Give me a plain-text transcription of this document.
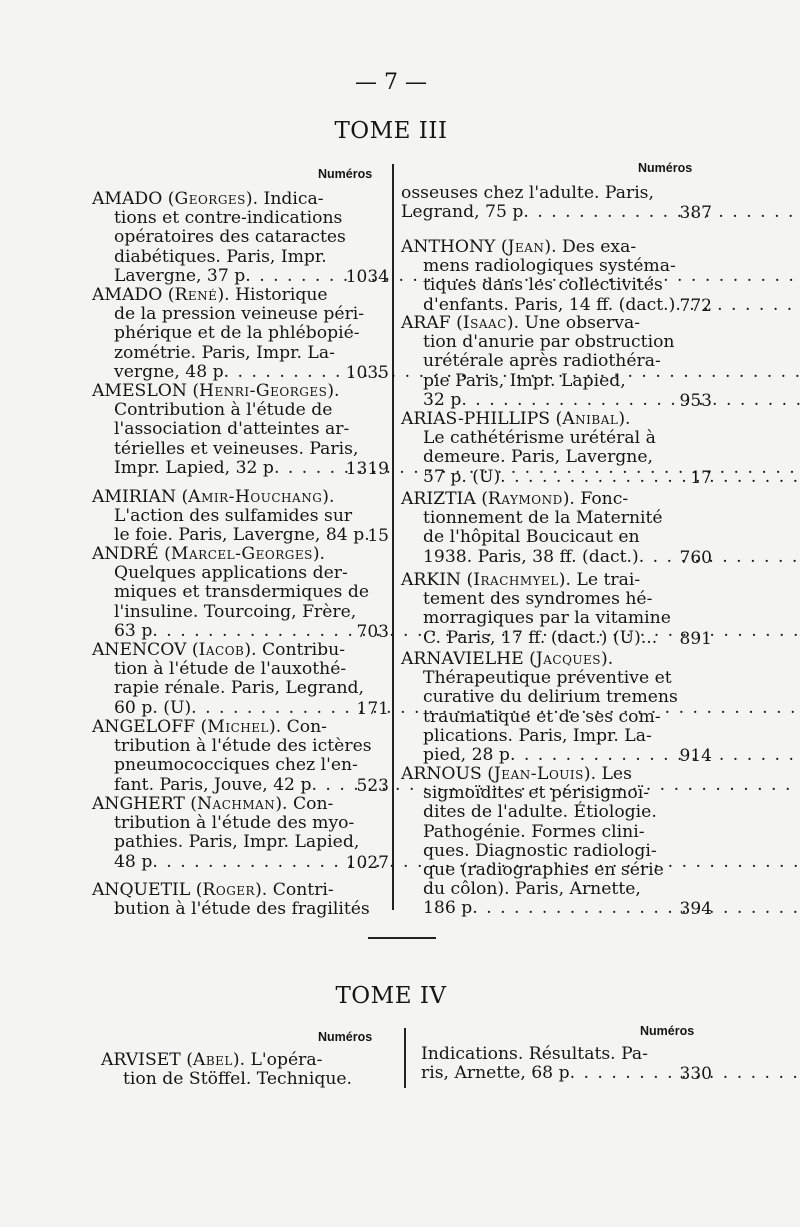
— 7 —
TOME III
Numéros	Numéros
AMADO (Georges). Indica-
tions et contre-indications
opératoires des cataractes
diabétiques. Paris, Impr.
Lavergne, 37 p . . .	1034
AMADO (René). Historique
de la pression veineuse péri-
phérique et de la phlébopié-
zométrie. Paris, Impr. La-
vergne, 48 p . . .	1035
AMESLON (Henri-Georges).
Contribution à l'étude de
l'association d'atteintes ar-
térielles et veineuses. Paris,
Impr. Lapied, 32 p . . .	1319
AMIRIAN (Amir-Houchang).
L'action des sulfamides sur
le foie. Paris, Lavergne, 84 p.
15
ANDRÉ (Marcel-Georges).
Quelques applications der-
miques et transdermiques de
l'insuline. Tourcoing, Frère,
63 p . . .	703
ANENCOV (Iacob). Contribu-
tion à l'étude de l'auxothé-
rapie rénale. Paris, Legrand,
60 p. (U) . . .	171
ANGELOFF (Michel). Con-
tribution à l'étude des ictères
pneumococciques chez l'en-
fant. Paris, Jouve, 42 p . . .	523
ANGHERT (Nachman). Con-
tribution à l'étude des myo-
pathies. Paris, Impr. Lapied,
48 p . . .	1027
ANQUETIL (Roger). Contri-
bution à l'étude des fragilités
osseuses chez l'adulte. Paris,
Legrand, 75 p . . .	387
ANTHONY (Jean). Des exa-
mens radiologiques systéma-
tiques dans les collectivités
d'enfants. Paris, 14 ff. (dact.) . . . 772
ARAF (Isaac). Une observa-
tion d'anurie par obstruction
urétérale après radiothéra-
pie Paris, Impr. Lapied,
32 p . . .	953
ARIAS-PHILLIPS (Anibal).
Le cathétérisme urétéral à
demeure. Paris, Lavergne,
57 p. (U) . . .	17
ARIZTIA (Raymond). Fonc-
tionnement de la Maternité
de l'hôpital Boucicaut en
1938. Paris, 38 ff. (dact.) . . .	760
ARKIN (Irachmyel). Le trai-
tement des syndromes hé-
morragiques par la vitamine
C. Paris, 17 ff. (dact.) (U)...	891
ARNAVIELHE (Jacques).
Thérapeutique préventive et
curative du delirium tremens
traumatique et de ses com-
plications. Paris, Impr. La-
pied, 28 p . . .	914
ARNOUS (Jean-Louis). Les
sigmoïdites et périsigmoï-
dites de l'adulte. Étiologie.
Pathogénie. Formes clini-
ques. Diagnostic radiologi-
que (radiographies en série
du côlon). Paris, Arnette,
186 p . . .	394
TOME IV
Numéros	Numéros
ARVISET (Abel). L'opéra-
tion de Stöffel. Technique.
Indications. Résultats. Pa-
ris, Arnette, 68 p . . .	330
